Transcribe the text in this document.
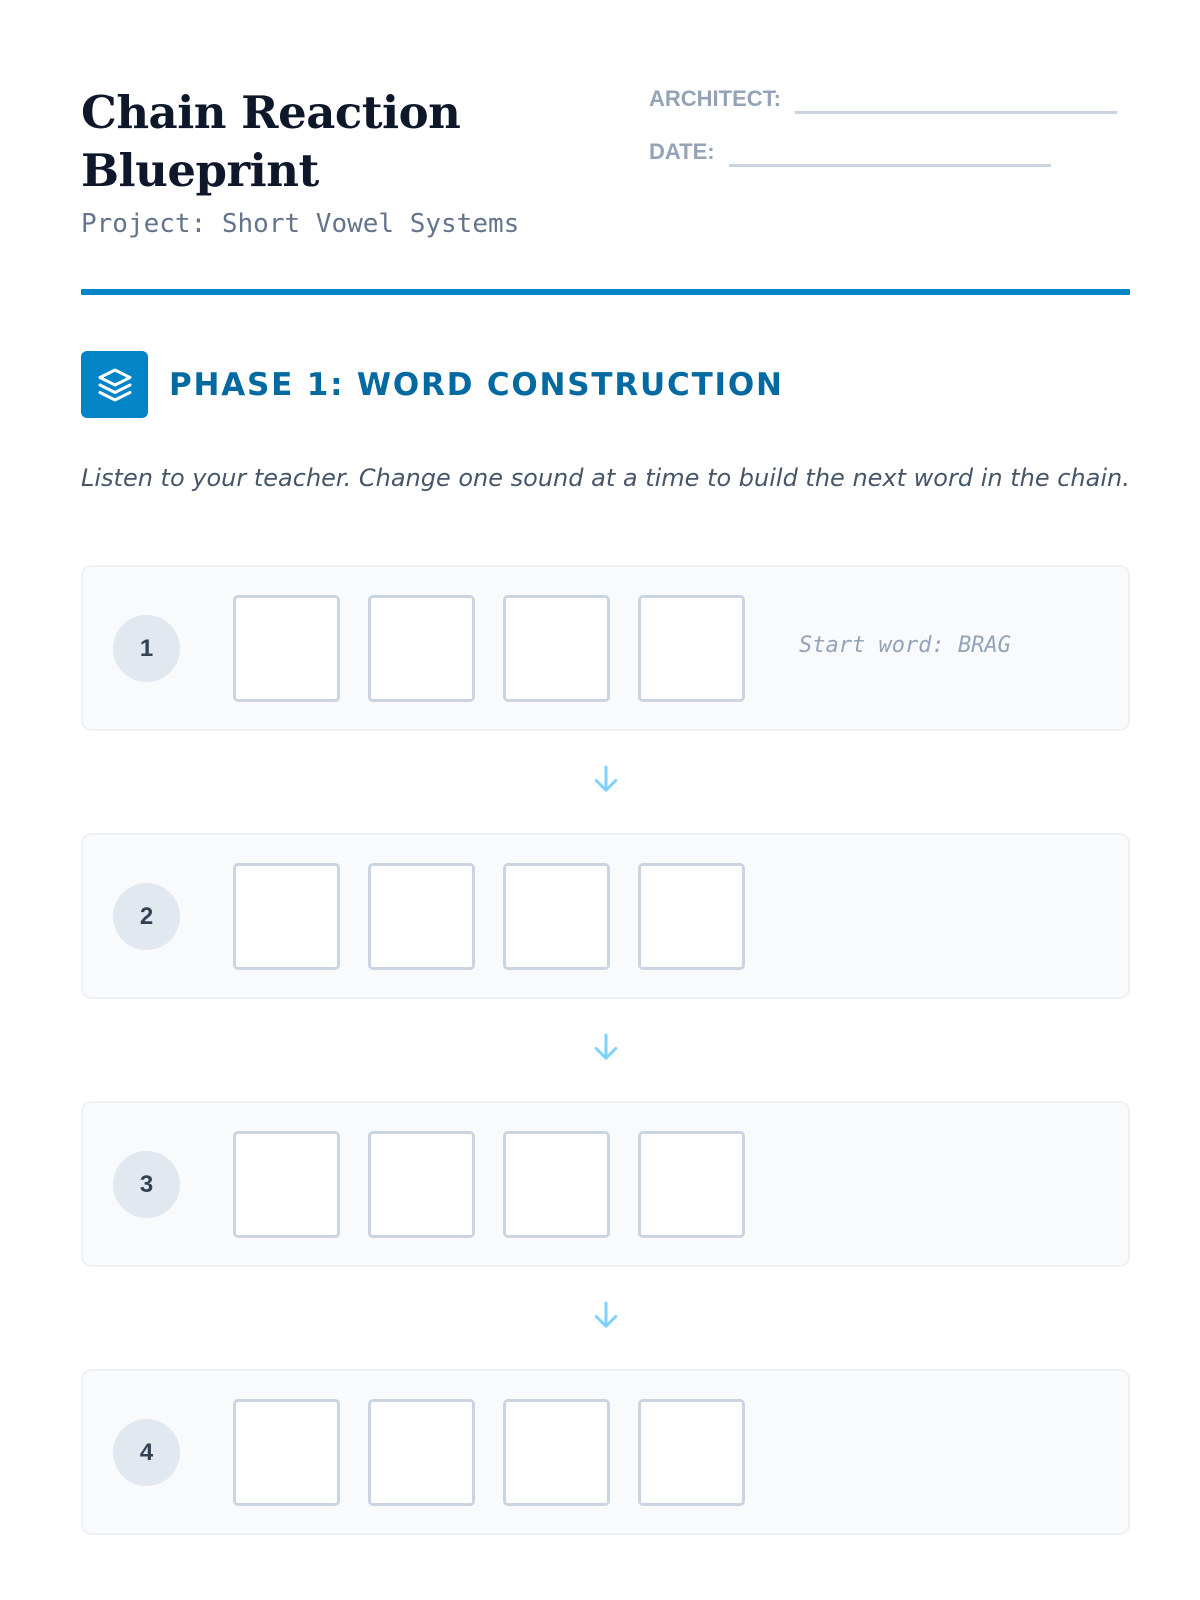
Chain Reaction
Blueprint
Project: Short Vowel Systems
ARCHITECT:
DATE:
PHASE 1: WORD CONSTRUCTION

Listen to your teacher. Change one sound at a time to build the next word in the chain.

1	Start word: BRAG
2
3
4
